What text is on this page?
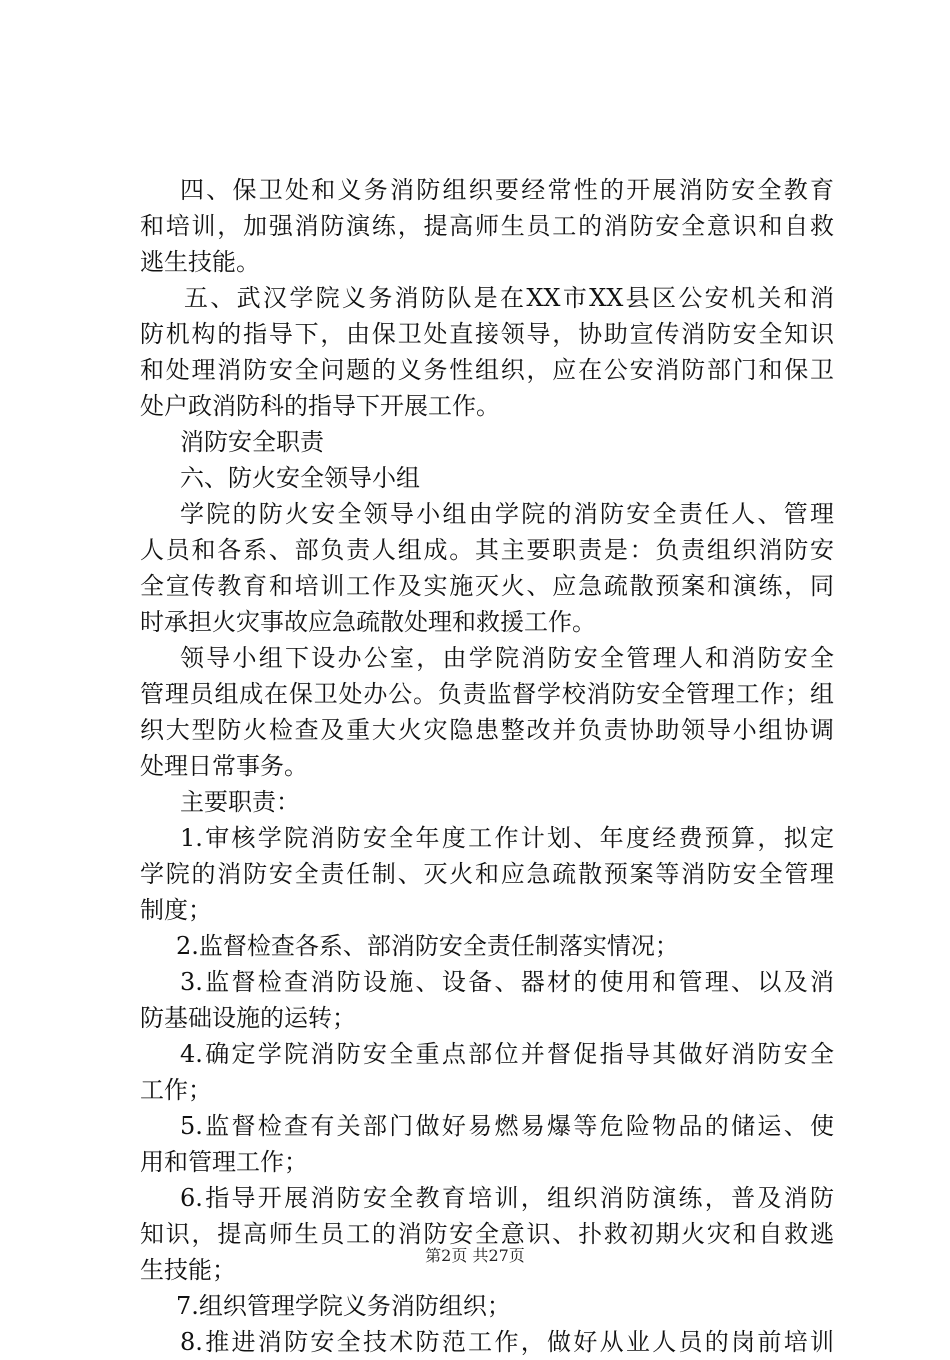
四、保卫处和义务消防组织要经常性的开展消防安全教育
和培训，加强消防演练，提高师生员工的消防安全意识和自救
逃生技能。
五、武汉学院义务消防队是在XX市XX县区公安机关和消
防机构的指导下，由保卫处直接领导，协助宣传消防安全知识
和处理消防安全问题的义务性组织，应在公安消防部门和保卫
处户政消防科的指导下开展工作。
消防安全职责
六、防火安全领导小组
学院的防火安全领导小组由学院的消防安全责任人、管理
人员和各系、部负责人组成。其主要职责是：负责组织消防安
全宣传教育和培训工作及实施灭火、应急疏散预案和演练，同
时承担火灾事故应急疏散处理和救援工作。
领导小组下设办公室，由学院消防安全管理人和消防安全
管理员组成在保卫处办公。负责监督学校消防安全管理工作；组
织大型防火检查及重大火灾隐患整改并负责协助领导小组协调
处理日常事务。
主要职责：
1.审核学院消防安全年度工作计划、年度经费预算，拟定
学院的消防安全责任制、灭火和应急疏散预案等消防安全管理
制度；
2.监督检查各系、部消防安全责任制落实情况；
3.监督检查消防设施、设备、器材的使用和管理、以及消
防基础设施的运转；
4.确定学院消防安全重点部位并督促指导其做好消防安全
工作；
5.监督检查有关部门做好易燃易爆等危险物品的储运、使
用和管理工作；
6.指导开展消防安全教育培训，组织消防演练，普及消防
知识，提高师生员工的消防安全意识、扑救初期火灾和自救逃
生技能；
7.组织管理学院义务消防组织；
8.推进消防安全技术防范工作，做好从业人员的岗前培训
第2页 共27页
